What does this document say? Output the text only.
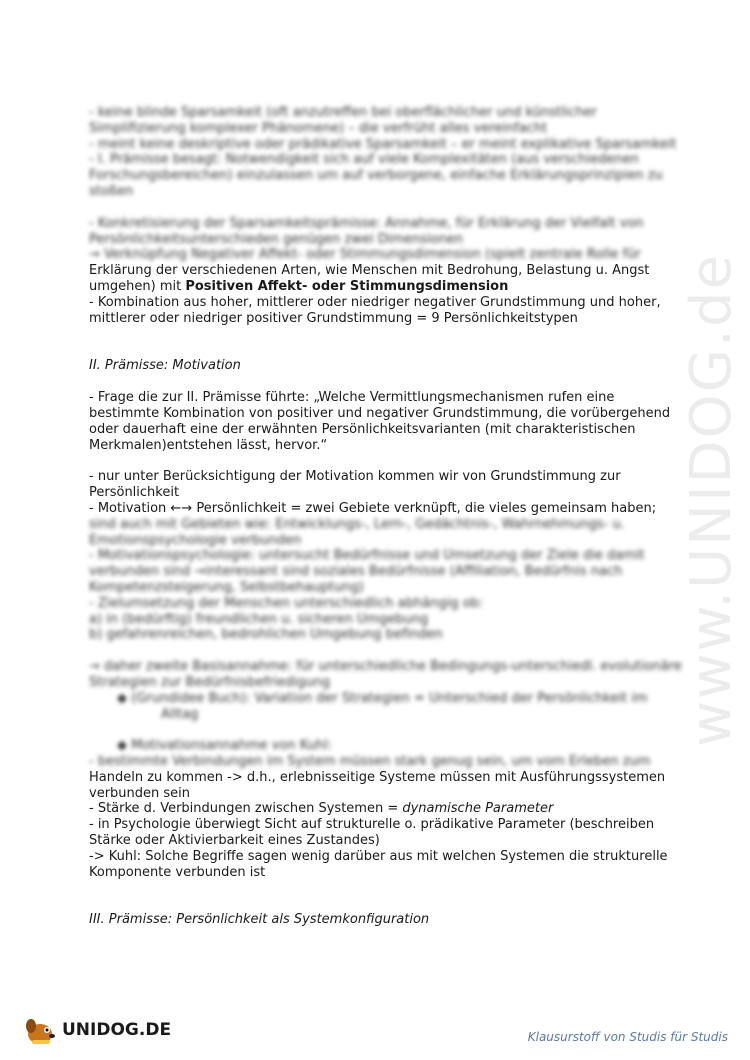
www.UNIDOG.de
- keine blinde Sparsamkeit (oft anzutreffen bei oberflächlicher und künstlicher
Simplifizierung komplexer Phänomene) – die verfrüht alles vereinfacht
- meint keine deskriptive oder prädikative Sparsamkeit – er meint explikative Sparsamkeit
- I. Prämisse besagt: Notwendigkeit sich auf viele Komplexitäten (aus verschiedenen
Forschungsbereichen) einzulassen um auf verborgene, einfache Erklärungsprinzipien zu
stoßen
- Konkretisierung der Sparsamkeitsprämisse: Annahme, für Erklärung der Vielfalt von
Persönlichkeitsunterschieden genügen zwei Dimensionen
→ Verknüpfung Negativer Affekt- oder Stimmungsdimension (spielt zentrale Rolle für
Erklärung der verschiedenen Arten, wie Menschen mit Bedrohung, Belastung u. Angst
umgehen) mit Positiven Affekt- oder Stimmungsdimension
- Kombination aus hoher, mittlerer oder niedriger negativer Grundstimmung und hoher,
mittlerer oder niedriger positiver Grundstimmung = 9 Persönlichkeitstypen
II. Prämisse: Motivation
- Frage die zur II. Prämisse führte: „Welche Vermittlungsmechanismen rufen eine
bestimmte Kombination von positiver und negativer Grundstimmung, die vorübergehend
oder dauerhaft eine der erwähnten Persönlichkeitsvarianten (mit charakteristischen
Merkmalen)entstehen lässt, hervor.“
- nur unter Berücksichtigung der Motivation kommen wir von Grundstimmung zur
Persönlichkeit
- Motivation ←→ Persönlichkeit = zwei Gebiete verknüpft, die vieles gemeinsam haben;
sind auch mit Gebieten wie: Entwicklungs-, Lern-, Gedächtnis-, Wahrnehmungs- u.
Emotionspsychologie verbunden
- Motivationspsychologie: untersucht Bedürfnisse und Umsetzung der Ziele die damit
verbunden sind →interessant sind soziales Bedürfnisse (Affiliation, Bedürfnis nach
Kompetenzsteigerung, Selbstbehauptung)
- Zielumsetzung der Menschen unterschiedlich abhängig ob:
a) in (bedürftig) freundlichen u. sicheren Umgebung
b) gefahrenreichen, bedrohlichen Umgebung befinden
→ daher zweite Basisannahme: für unterschiedliche Bedingungs-unterschiedl. evolutionäre
Strategien zur Bedürfnisbefriedigung
◆ (Grundidee Buch): Variation der Strategien = Unterschied der Persönlichkeit im
Alltag
◆ Motivationsannahme von Kuhl:
- bestimmte Verbindungen im System müssen stark genug sein, um vom Erleben zum
Handeln zu kommen -> d.h., erlebnisseitige Systeme müssen mit Ausführungssystemen
verbunden sein
- Stärke d. Verbindungen zwischen Systemen = dynamische Parameter
- in Psychologie überwiegt Sicht auf strukturelle o. prädikative Parameter (beschreiben
Stärke oder Aktivierbarkeit eines Zustandes)
-> Kuhl: Solche Begriffe sagen wenig darüber aus mit welchen Systemen die strukturelle
Komponente verbunden ist
III. Prämisse: Persönlichkeit als Systemkonfiguration
UNIDOG.DE	Klausurstoff von Studis für Studis
